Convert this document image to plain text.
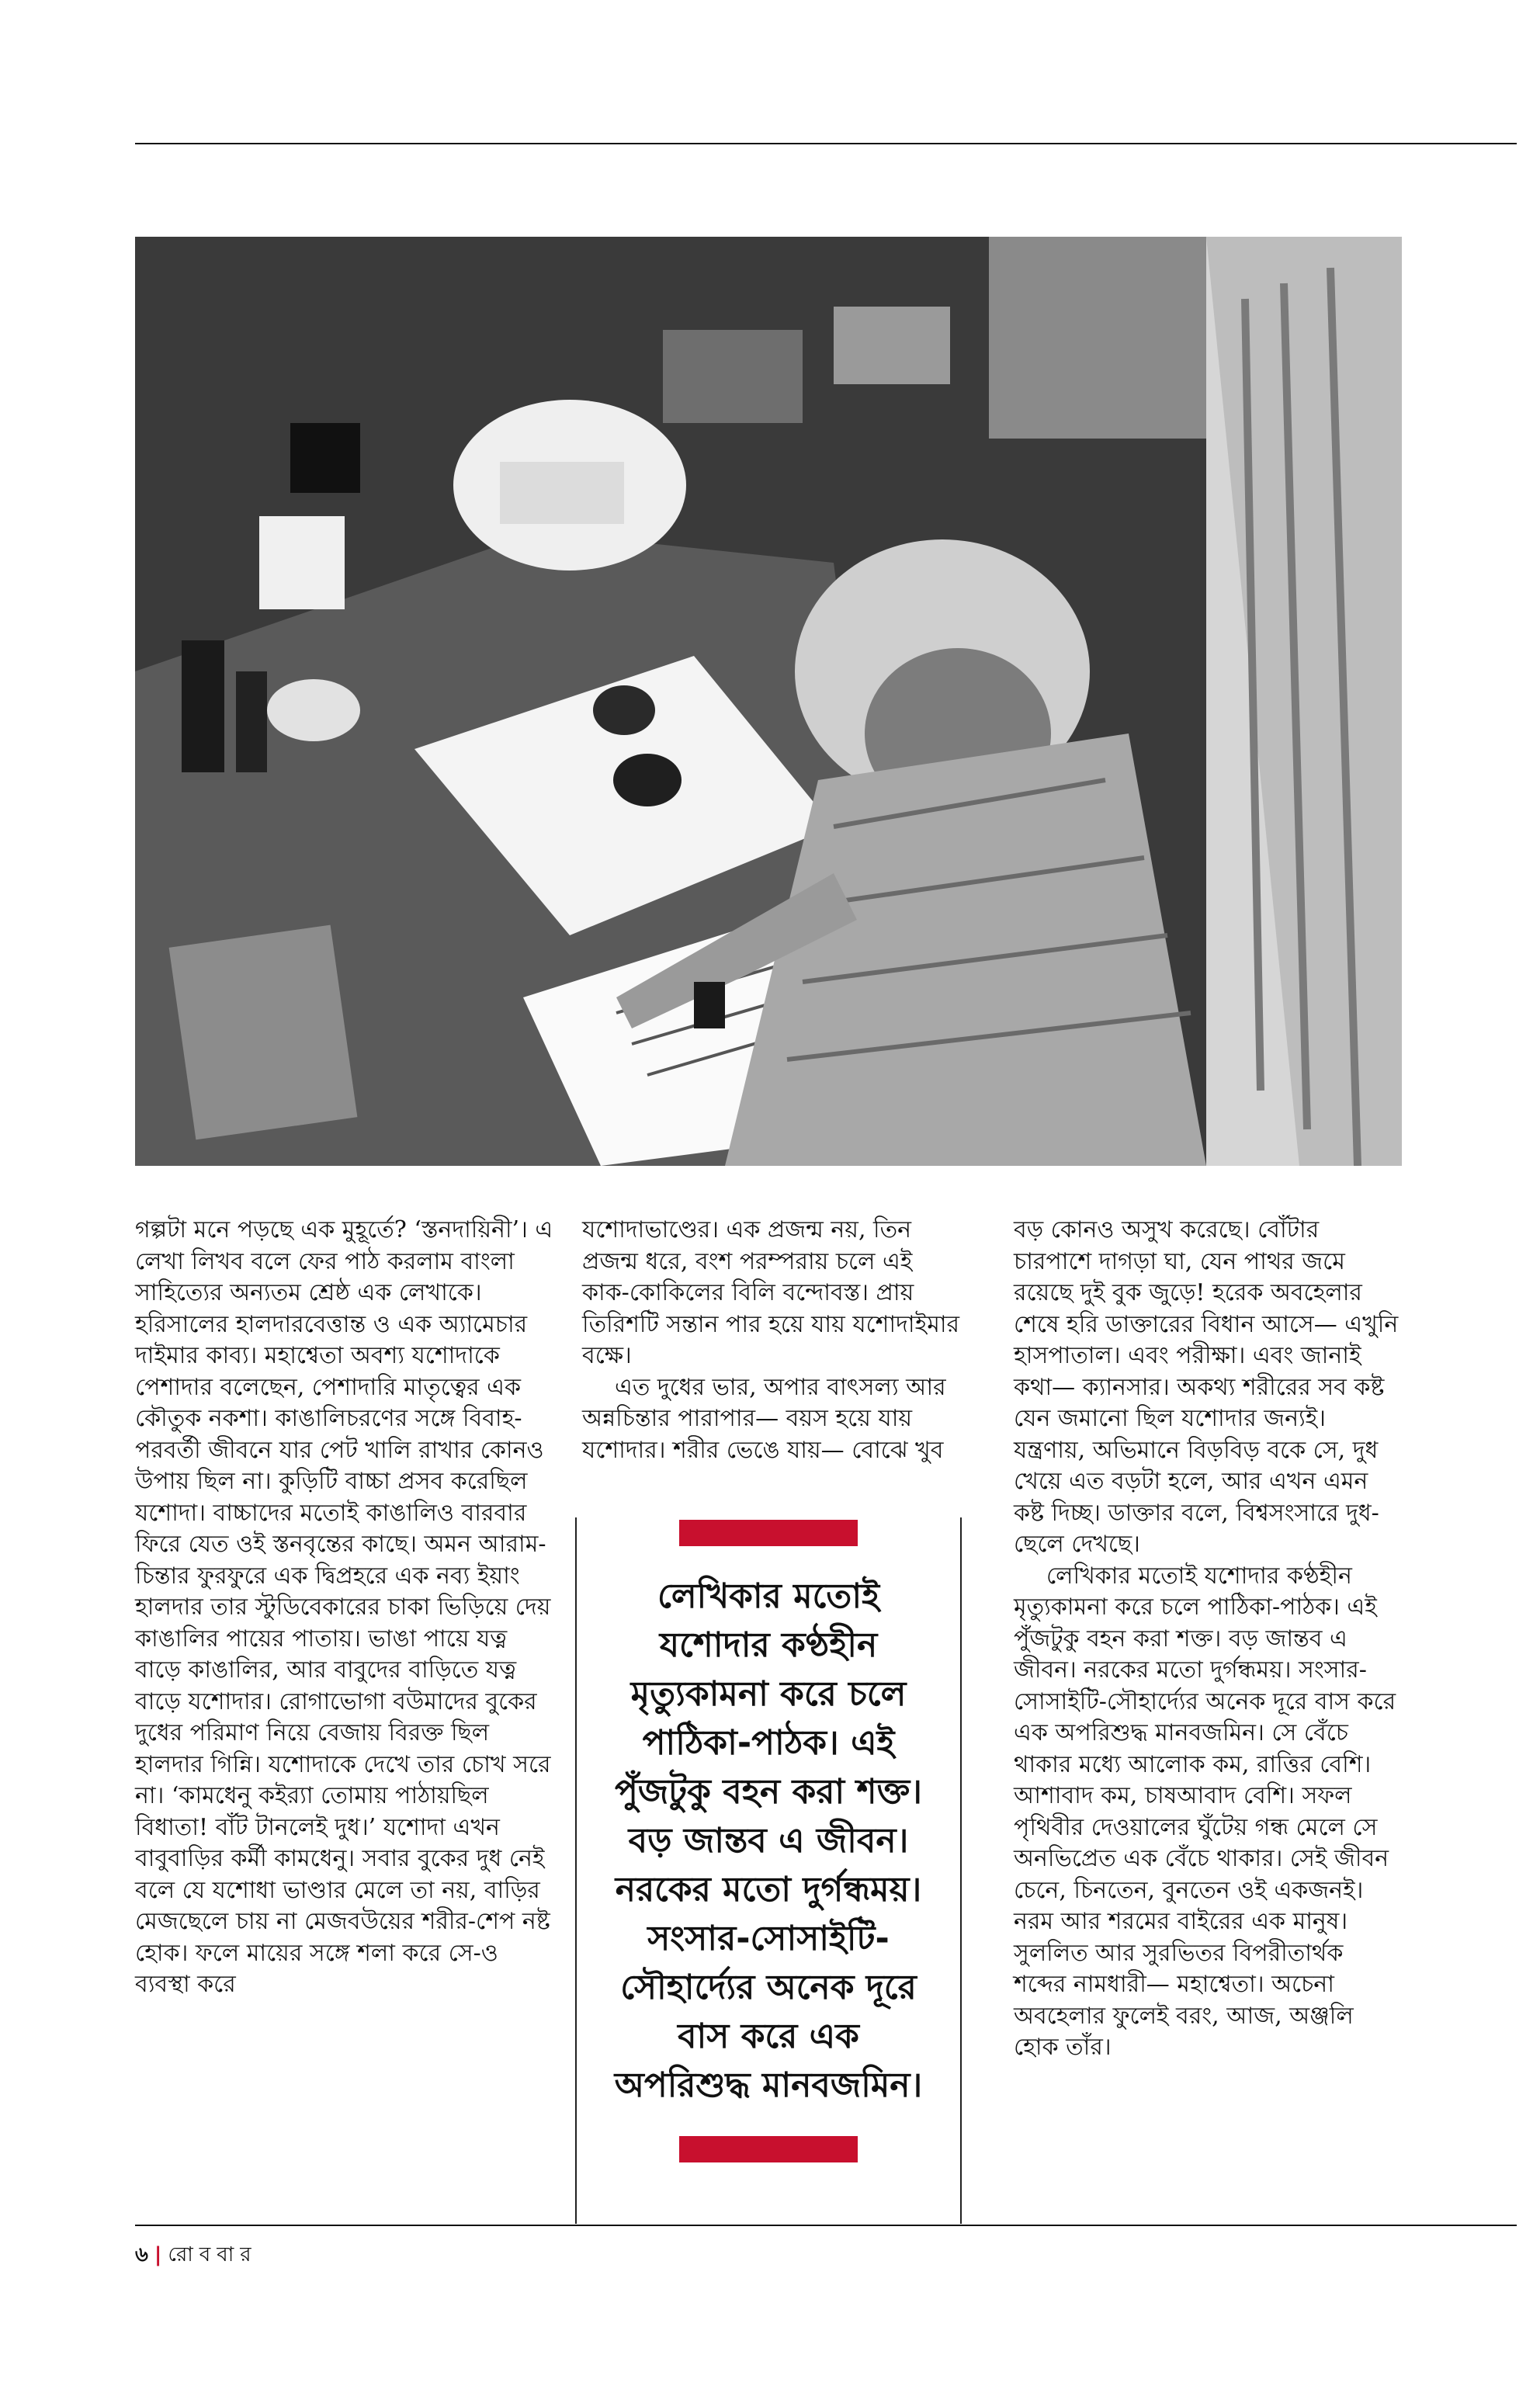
গল্পটা মনে পড়ছে এক মুহূর্তে? ‘স্তনদায়িনী’। এ লেখা লিখব বলে ফের পাঠ করলাম বাংলা সাহিত্যের অন্যতম শ্রেষ্ঠ এক লেখাকে। হরিসালের হালদারবেত্তান্ত ও এক অ্যামেচার দাইমার কাব্য। মহাশ্বেতা অবশ্য যশোদাকে পেশাদার বলেছেন, পেশাদারি মাতৃত্বের এক কৌতুক নকশা। কাঙালিচরণের সঙ্গে বিবাহ-পরবর্তী জীবনে যার পেট খালি রাখার কোনও উপায় ছিল না। কুড়িটি বাচ্চা প্রসব করেছিল যশোদা। বাচ্চাদের মতোই কাঙালিও বারবার ফিরে যেত ওই স্তনবৃন্তের কাছে। অমন আরাম-চিন্তার ফুরফুরে এক দ্বিপ্রহরে এক নব্য ইয়াং হালদার তার স্টুডিবেকারের চাকা ভিড়িয়ে দেয় কাঙালির পায়ের পাতায়। ভাঙা পায়ে যত্ন বাড়ে কাঙালির, আর বাবুদের বাড়িতে যত্ন বাড়ে যশোদার। রোগাভোগা বউমাদের বুকের দুধের পরিমাণ নিয়ে বেজায় বিরক্ত ছিল হালদার গিন্নি। যশোদাকে দেখে তার চোখ সরে না। ‘কামধেনু কইর‌্যা তোমায় পাঠায়ছিল বিধাতা! বাঁট টানলেই দুধ।’ যশোদা এখন বাবুবাড়ির কর্মী কামধেনু। সবার বুকের দুধ নেই বলে যে যশোধা ভাণ্ডার মেলে তা নয়, বাড়ির মেজছেলে চায় না মেজবউয়ের শরীর-শেপ নষ্ট হোক। ফলে মায়ের সঙ্গে শলা করে সে-ও ব্যবস্থা করে

যশোদাভাণ্ডের। এক প্রজন্ম নয়, তিন প্রজন্ম ধরে, বংশ পরম্পরায় চলে এই কাক-কোকিলের বিলি বন্দোবস্ত। প্রায় তিরিশটি সন্তান পার হয়ে যায় যশোদাইমার বক্ষে।

এত দুধের ভার, অপার বাৎসল্য আর অন্নচিন্তার পারাপার— বয়স হয়ে যায় যশোদার। শরীর ভেঙে যায়— বোঝে খুব

লেখিকার মতোই যশোদার কণ্ঠহীন মৃত্যুকামনা করে চলে পাঠিকা-পাঠক। এই পুঁজটুকু বহন করা শক্ত। বড় জান্তব এ জীবন। নরকের মতো দুর্গন্ধময়। সংসার-সোসাইটি-সৌহার্দ্যের অনেক দূরে বাস করে এক অপরিশুদ্ধ মানবজমিন।

বড় কোনও অসুখ করেছে। বোঁটার চারপাশে দাগড়া ঘা, যেন পাথর জমে রয়েছে দুই বুক জুড়ে! হরেক অবহেলার শেষে হরি ডাক্তারের বিধান আসে— এখুনি হাসপাতাল। এবং পরীক্ষা। এবং জানাই কথা— ক্যানসার। অকথ্য শরীরের সব কষ্ট যেন জমানো ছিল যশোদার জন্যই। যন্ত্রণায়, অভিমানে বিড়বিড় বকে সে, দুধ খেয়ে এত বড়টা হলে, আর এখন এমন কষ্ট দিচ্ছ। ডাক্তার বলে, বিশ্বসংসারে দুধ-ছেলে দেখছে।

লেখিকার মতোই যশোদার কণ্ঠহীন মৃত্যুকামনা করে চলে পাঠিকা-পাঠক। এই পুঁজটুকু বহন করা শক্ত। বড় জান্তব এ জীবন। নরকের মতো দুর্গন্ধময়। সংসার-সোসাইটি-সৌহার্দ্যের অনেক দূরে বাস করে এক অপরিশুদ্ধ মানবজমিন। সে বেঁচে থাকার মধ্যে আলোক কম, রাত্তির বেশি। আশাবাদ কম, চাষআবাদ বেশি। সফল পৃথিবীর দেওয়ালের ঘুঁটেয় গন্ধ মেলে সে অনভিপ্রেত এক বেঁচে থাকার। সেই জীবন চেনে, চিনতেন, বুনতেন ওই একজনই। নরম আর শরমের বাইরের এক মানুষ। সুললিত আর সুরভিতর বিপরীতার্থক শব্দের নামধারী— মহাশ্বেতা। অচেনা অবহেলার ফুলেই বরং, আজ, অঞ্জলি হোক তাঁর।

৬ | রোববার
